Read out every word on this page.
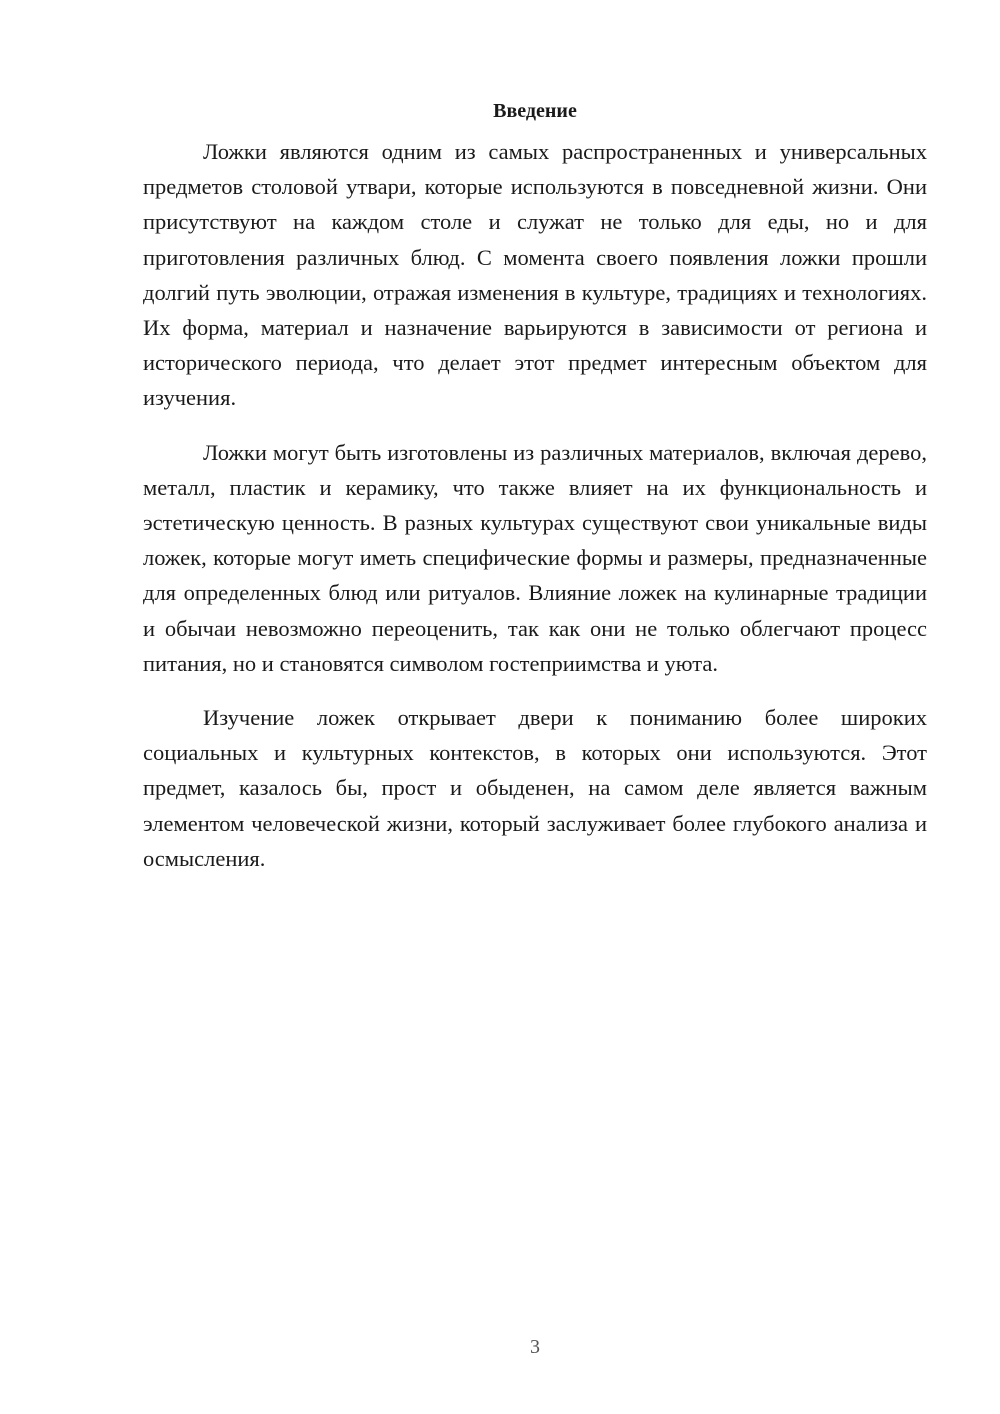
Введение

Ложки являются одним из самых распространенных и универсальных предметов столовой утвари, которые используются в повседневной жизни. Они присутствуют на каждом столе и служат не только для еды, но и для приготовления различных блюд. С момента своего появления ложки прошли долгий путь эволюции, отражая изменения в культуре, традициях и технологиях. Их форма, материал и назначение варьируются в зависимости от региона и исторического периода, что делает этот предмет интересным объектом для изучения.

Ложки могут быть изготовлены из различных материалов, включая дерево, металл, пластик и керамику, что также влияет на их функциональность и эстетическую ценность. В разных культурах существуют свои уникальные виды ложек, которые могут иметь специфические формы и размеры, предназначенные для определенных блюд или ритуалов. Влияние ложек на кулинарные традиции и обычаи невозможно переоценить, так как они не только облегчают процесс питания, но и становятся символом гостеприимства и уюта.

Изучение ложек открывает двери к пониманию более широких социальных и культурных контекстов, в которых они используются. Этот предмет, казалось бы, прост и обыденен, на самом деле является важным элементом человеческой жизни, который заслуживает более глубокого анализа и осмысления.

3
